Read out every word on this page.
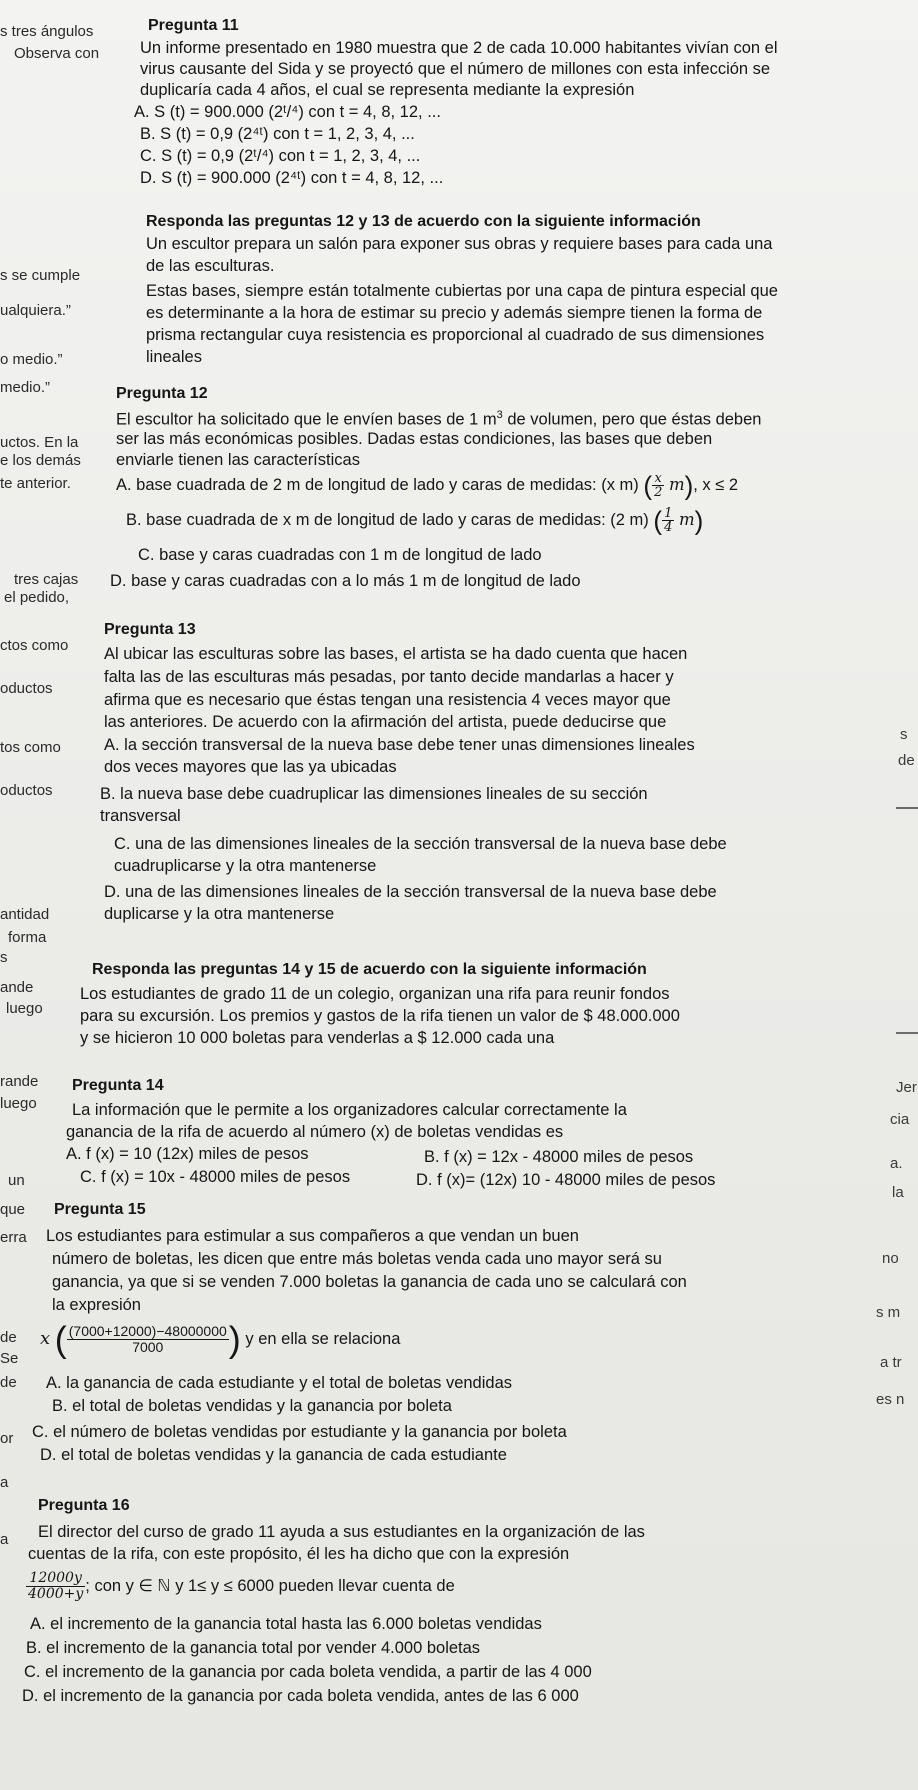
s tres ángulos
Observa con
s se cumple
ualquiera.”
o medio.”
medio.”
uctos. En la
e los demás
te anterior.
tres cajas
el pedido,
ctos como
oductos
tos como
oductos
antidad
forma
s
ande
luego
rande
luego
un
que
erra
de
Se
de
or
a
a
s
de
Jer
cia
a.
la
no
s m
a tr
es n
Pregunta 11
Un informe presentado en 1980 muestra que 2 de cada 10.000 habitantes vivían con el
virus causante del Sida y se proyectó que el número de millones con esta infección se
duplicaría cada 4 años, el cual se representa mediante la expresión
A. S (t) = 900.000 (2ᵗ/⁴) con t = 4, 8, 12, ...
B. S (t) = 0,9 (2⁴ᵗ) con t = 1, 2, 3, 4, ...
C. S (t) = 0,9 (2ᵗ/⁴) con t = 1, 2, 3, 4, ...
D. S (t) = 900.000 (2⁴ᵗ) con t = 4, 8, 12, ...
Responda las preguntas 12 y 13 de acuerdo con la siguiente información
Un escultor prepara un salón para exponer sus obras y requiere bases para cada una
de las esculturas.
Estas bases, siempre están totalmente cubiertas por una capa de pintura especial que
es determinante a la hora de estimar su precio y además siempre tienen la forma de
prisma rectangular cuya resistencia es proporcional al cuadrado de sus dimensiones
lineales
Pregunta 12
El escultor ha solicitado que le envíen bases de 1 $m^3$ de volumen, pero que éstas deben
ser las más económicas posibles. Dadas estas condiciones, las bases que deben
enviarle tienen las características
A. base cuadrada de 2 m de longitud de lado y caras de medidas: (x m) ( $\frac{x}{2} m$), x ≤ 2
B. base cuadrada de x m de longitud de lado y caras de medidas: (2 m) ( $\frac{1}{4} m$)
C. base y caras cuadradas con 1 m de longitud de lado
D. base y caras cuadradas con a lo más 1 m de longitud de lado
Pregunta 13
Al ubicar las esculturas sobre las bases, el artista se ha dado cuenta que hacen
falta las de las esculturas más pesadas, por tanto decide mandarlas a hacer y
afirma que es necesario que éstas tengan una resistencia 4 veces mayor que
las anteriores. De acuerdo con la afirmación del artista, puede deducirse que
A. la sección transversal de la nueva base debe tener unas dimensiones lineales
dos veces mayores que las ya ubicadas
B. la nueva base debe cuadruplicar las dimensiones lineales de su sección
transversal
C. una de las dimensiones lineales de la sección transversal de la nueva base debe
cuadruplicarse y la otra mantenerse
D. una de las dimensiones lineales de la sección transversal de la nueva base debe
duplicarse y la otra mantenerse
Responda las preguntas 14 y 15 de acuerdo con la siguiente información
Los estudiantes de grado 11 de un colegio, organizan una rifa para reunir fondos
para su excursión. Los premios y gastos de la rifa tienen un valor de $ 48.000.000
y se hicieron 10 000 boletas para venderlas a $ 12.000 cada una
Pregunta 14
La información que le permite a los organizadores calcular correctamente la
ganancia de la rifa de acuerdo al número (x) de boletas vendidas es
A. f (x) = 10 (12x) miles de pesos	B. f (x) = 12x - 48000 miles de pesos
C. f (x) = 10x - 48000 miles de pesos	D. f (x)= (12x) 10 - 48000 miles de pesos
Pregunta 15
Los estudiantes para estimular a sus compañeros a que vendan un buen
número de boletas, les dicen que entre más boletas venda cada uno mayor será su
ganancia, ya que si se venden 7.000 boletas la ganancia de cada uno se calculará con
la expresión
x ( $\frac{(7000+12000)-48000000}{7000}$ ) y en ella se relaciona
A. la ganancia de cada estudiante y el total de boletas vendidas
B. el total de boletas vendidas y la ganancia por boleta
C. el número de boletas vendidas por estudiante y la ganancia por boleta
D. el total de boletas vendidas y la ganancia de cada estudiante
Pregunta 16
El director del curso de grado 11 ayuda a sus estudiantes en la organización de las
cuentas de la rifa, con este propósito, él les ha dicho que con la expresión
$\frac{12000y}{4000+y}$ ; con y ∈ ℕ y 1≤ y ≤ 6000 pueden llevar cuenta de
A. el incremento de la ganancia total hasta las 6.000 boletas vendidas
B. el incremento de la ganancia total por vender 4.000 boletas
C. el incremento de la ganancia por cada boleta vendida, a partir de las 4 000
D. el incremento de la ganancia por cada boleta vendida, antes de las 6 000
